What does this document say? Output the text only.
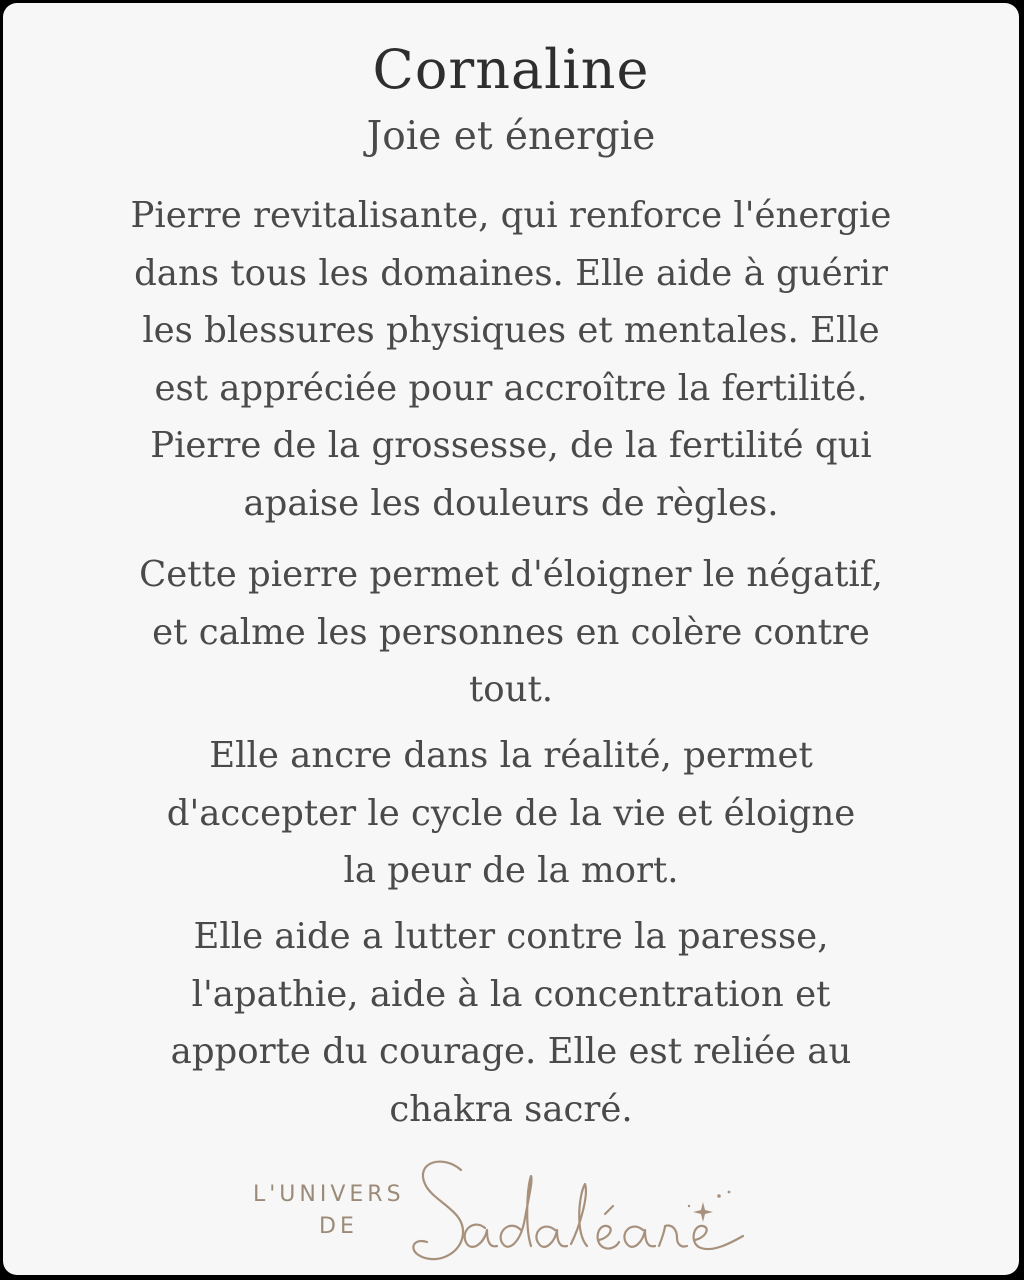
Cornaline
Joie et énergie
Pierre revitalisante, qui renforce l'énergie
dans tous les domaines. Elle aide à guérir
les blessures physiques et mentales. Elle
est appréciée pour accroître la fertilité.
Pierre de la grossesse, de la fertilité qui
apaise les douleurs de règles.
Cette pierre permet d'éloigner le négatif,
et calme les personnes en colère contre
tout.
Elle ancre dans la réalité, permet
d'accepter le cycle de la vie et éloigne
la peur de la mort.
Elle aide a lutter contre la paresse,
l'apathie, aide à la concentration et
apporte du courage. Elle est reliée au
chakra sacré.
L'UNIVERS
DE
